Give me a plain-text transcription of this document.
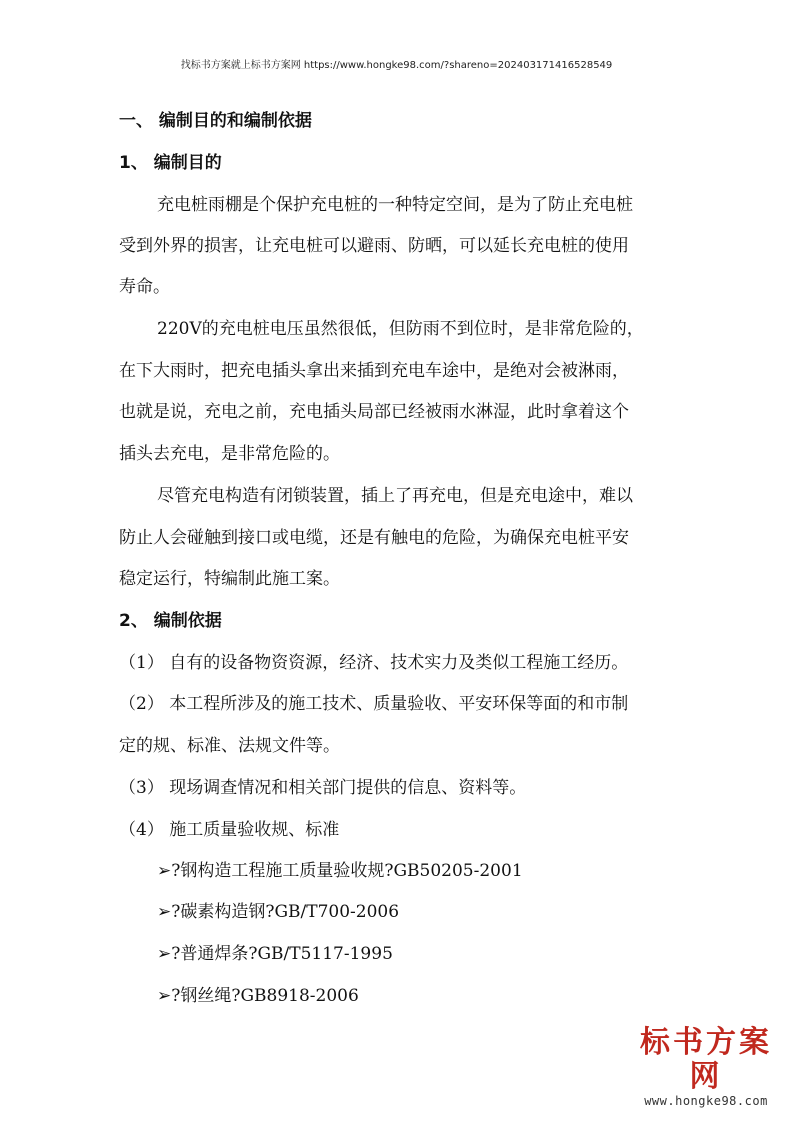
找标书方案就上标书方案网 https://www.hongke98.com/?shareno=20240317141652854​9
一、 编制目的和编制依据
1、 编制目的
充电桩雨棚是个保护充电桩的一种特定空间，是为了防止充电桩
受到外界的损害，让充电桩可以避雨、防晒，可以延长充电桩的使用
寿命。
220V的充电桩电压虽然很低，但防雨不到位时，是非常危险的，
在下大雨时，把充电插头拿出来插到充电车途中，是绝对会被淋雨，
也就是说，充电之前，充电插头局部已经被雨水淋湿，此时拿着这个
插头去充电，是非常危险的。
尽管充电构造有闭锁装置，插上了再充电，但是充电途中，难以
防止人会碰触到接口或电缆，还是有触电的危险，为确保充电桩平安
稳定运行，特编制此施工案。
2、 编制依据
（1） 自有的设备物资资源，经济、技术实力及类似工程施工经历。
（2） 本工程所涉及的施工技术、质量验收、平安环保等面的和市制
定的规、标准、法规文件等。
（3） 现场调查情况和相关部门提供的信息、资料等。
（4） 施工质量验收规、标准
➢?钢构造工程施工质量验收规?GB50205-2001
➢?碳素构造钢?GB/T700-2006
➢?普通焊条?GB/T5117-1995
➢?钢丝绳?GB8918-2006
标书方案网
www.hongke98.com
